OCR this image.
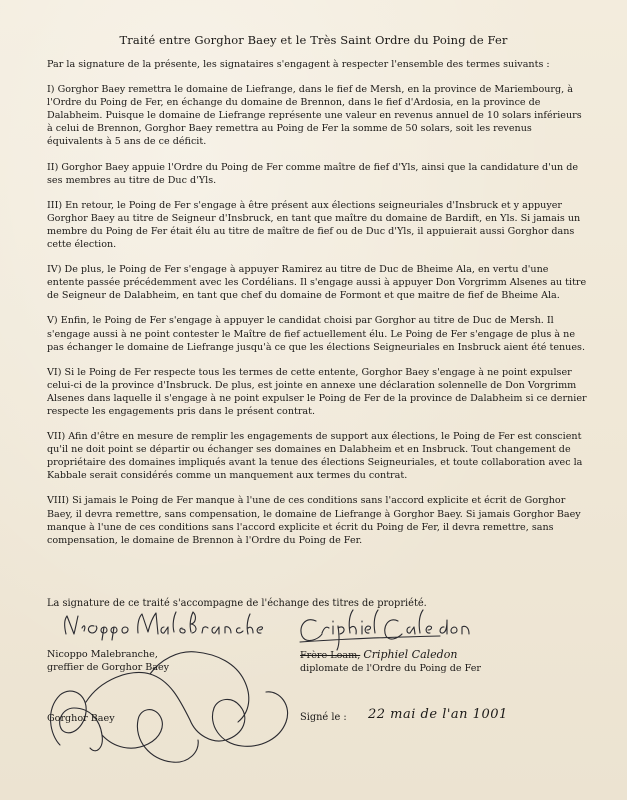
Traité entre Gorghor Baey et le Très Saint Ordre du Poing de Fer

Par la signature de la présente, les signataires s'engagent à respecter l'ensemble des termes suivants :

I) Gorghor Baey remettra le domaine de Liefrange, dans le fief de Mersh, en la province de Mariembourg, à l'Ordre du Poing de Fer, en échange du domaine de Brennon, dans le fief d'Ardosia, en la province de Dalabheim. Puisque le domaine de Liefrange représente une valeur en revenus annuel de 10 solars inférieurs à celui de Brennon, Gorghor Baey remettra au Poing de Fer la somme de 50 solars, soit les revenus équivalents à 5 ans de ce déficit.

II) Gorghor Baey appuie l'Ordre du Poing de Fer comme maître de fief d'Yls, ainsi que la candidature d'un de ses membres au titre de Duc d'Yls.

III) En retour, le Poing de Fer s'engage à être présent aux élections seigneuriales d'Insbruck et y appuyer Gorghor Baey au titre de Seigneur d'Insbruck, en tant que maître du domaine de Bardift, en Yls. Si jamais un membre du Poing de Fer était élu au titre de maître de fief ou de Duc d'Yls, il appuierait aussi Gorghor dans cette élection.

IV) De plus, le Poing de Fer s'engage à appuyer Ramirez au titre de Duc de Bheime Ala, en vertu d'une entente passée précédemment avec les Cordélians. Il s'engage aussi à appuyer Don Vorgrimm Alsenes au titre de Seigneur de Dalabheim, en tant que chef du domaine de Formont et que maitre de fief de Bheime Ala.

V) Enfin, le Poing de Fer s'engage à appuyer le candidat choisi par Gorghor au titre de Duc de Mersh. Il s'engage aussi à ne point contester le Maître de fief actuellement élu. Le Poing de Fer s'engage de plus à ne pas échanger le domaine de Liefrange jusqu'à ce que les élections Seigneuriales en Insbruck aient été tenues.

VI) Si le Poing de Fer respecte tous les termes de cette entente, Gorghor Baey s'engage à ne point expulser celui-ci de la province d'Insbruck. De plus, est jointe en annexe une déclaration solennelle de Don Vorgrimm Alsenes dans laquelle il s'engage à ne point expulser le Poing de Fer de la province de Dalabheim si ce dernier respecte les engagements pris dans le présent contrat.

VII) Afin d'être en mesure de remplir les engagements de support aux élections, le Poing de Fer est conscient qu'il ne doit point se départir ou échanger ses domaines en Dalabheim et en Insbruck. Tout changement de propriétaire des domaines impliqués avant la tenue des élections Seigneuriales, et toute collaboration avec la Kabbale serait considérés comme un manquement aux termes du contrat.

VIII) Si jamais le Poing de Fer manque à l'une de ces conditions sans l'accord explicite et écrit de Gorghor Baey, il devra remettre, sans compensation, le domaine de Liefrange à Gorghor Baey. Si jamais Gorghor Baey manque à l'une de ces conditions sans l'accord explicite et écrit du Poing de Fer, il devra remettre, sans compensation, le domaine de Brennon à l'Ordre du Poing de Fer.

La signature de ce traité s'accompagne de l'échange des titres de propriété.
Nicoppo Malebranche,
greffier de Gorghor Baey
Frère Loam, Criphiel Caledon
diplomate de l'Ordre du Poing de Fer
Gorghor Baey	Signé le : 22 mai de l'an 1001
